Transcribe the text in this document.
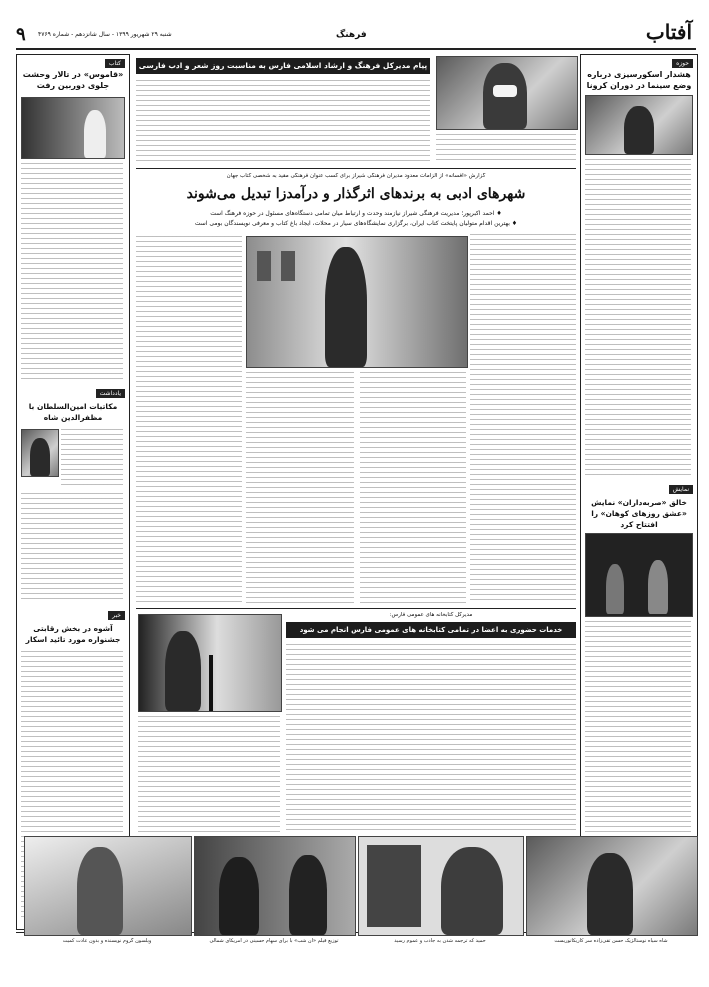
۹ شنبه ۲۹ شهریور ۱۳۹۹ - سال شانزدهم - شماره ۴۷۶۹	فرهنگ	آفتاب
حوزه
هشدار اسکورسیزی درباره وضع سینما در دوران کرونا
نمایش
خالق «صربه‌داران» نمایش «عشق روزهای کوهان» را افتتاح کرد
کتاب
«قاموس» در تالار وحشت جلوی دوربین رفت
یادداشت
مکاتبات امین‌السلطان با مظفرالدین شاه
خبر
آشوه در بخش رقابتی جشنواره مورد تائید اسکار
پیام مدیرکل فرهنگ و ارشاد اسلامی فارس به مناسبت روز شعر و ادب فارسی
گزارش «افسانه» از الزامات معدود مدیران فرهنگی شیراز برای کسب عنوان فرهنگی مقید به شخصی کتاب جهان
شهرهای ادبی به برندهای اثرگذار و درآمدزا تبدیل می‌شوند
♦ احمد اکبرپور؛ مدیریت فرهنگی شیراز نیازمند وحدت و ارتباط میان تمامی دستگاه‌های مسئول در حوزه فرهنگ است
♦ بهترین اقدام متولیان پایتخت کتاب ایران، برگزاری نمایشگاه‌های سیار در محلات، ایجاد باغ کتاب و معرفی نویسندگان بومی است
مدیرکل کتابخانه های عمومی فارس:
خدمات حضوری به اعضا در تمامی کتابخانه های عمومی فارس انجام می شود
شاه سیاه نوستالژیک حسن تقی‌زاده سر کاریکاتوریست
حمید که ترجمه شدن به جاذب و عموم رسید
توزیع فیلم «آن شب» با برای سهام حسینی در آمریکای شمالی
ویلسون گروم نویسنده و بدون عادت کمیت
